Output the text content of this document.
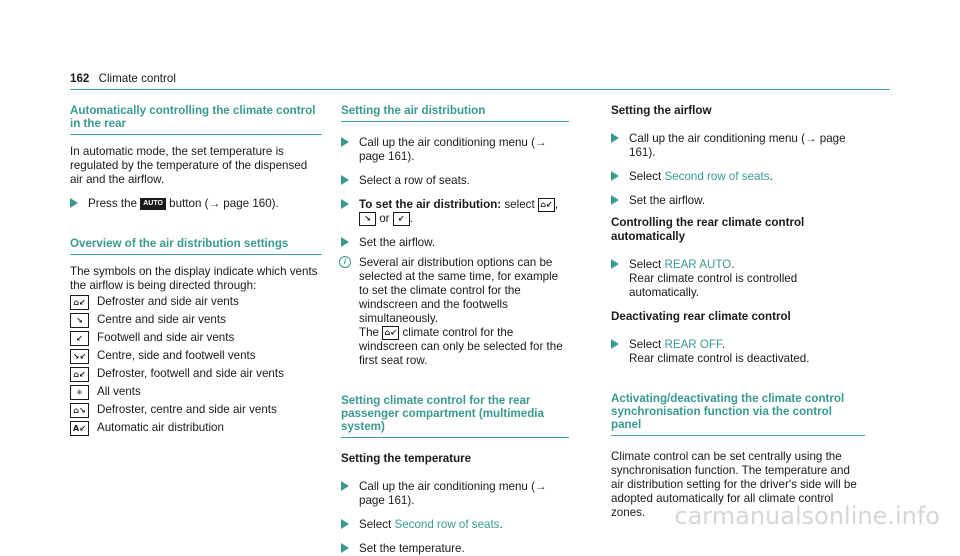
162 Climate control
Automatically controlling the climate control in the rear

In automatic mode, the set temperature is regulated by the temperature of the dispensed air and the airflow.

Press the AUTO button (→ page 160).
Overview of the air distribution settings

The symbols on the display indicate which vents the airflow is being directed through:

⌂↙ Defroster and side air vents
↘	Centre and side air vents
↙	Footwell and side air vents
↘↙ Centre, side and footwell vents
⌂↙ Defroster, footwell and side air vents
✳	All vents
⌂↘ Defroster, centre and side air vents
A↙ Automatic air distribution
Setting the air distribution
Call up the air conditioning menu (→ page 161).
Select a row of seats.
To set the air distribution: select ⌂↙ ,
↘ or ↙ .
Set the airflow.
i	Several air distribution options can be selected at the same time, for example to set the climate control for the windscreen and the footwells simultaneously.
The ⌂↙ climate control for the windscreen can only be selected for the first seat row.
Setting climate control for the rear passenger compartment (multimedia system)

Setting the temperature

Call up the air conditioning menu (→ page 161).
Select Second row of seats.
Set the temperature.

Setting the airflow

Call up the air conditioning menu (→ page 161).
Select Second row of seats.
Set the airflow.

Controlling the rear climate control automatically

Select REAR AUTO.
Rear climate control is controlled automatically.

Deactivating rear climate control

Select REAR OFF.
Rear climate control is deactivated.
Activating/deactivating the climate control synchronisation function via the control panel

Climate control can be set centrally using the synchronisation function. The temperature and air distribution setting for the driver's side will be adopted automatically for all climate control zones.	carmanualsonline.info
